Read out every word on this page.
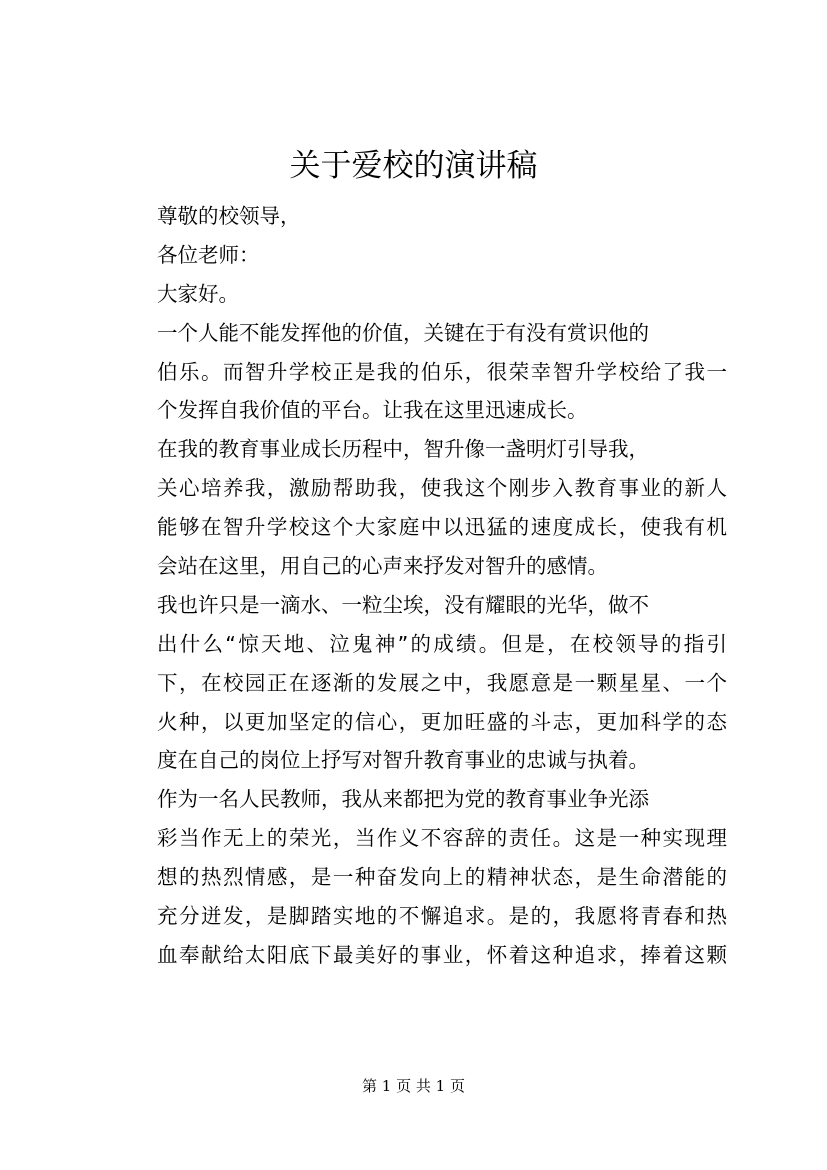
关于爱校的演讲稿
尊敬的校领导，
各位老师：
大家好。
一个人能不能发挥他的价值，关键在于有没有赏识他的
伯乐。而智升学校正是我的伯乐，很荣幸智升学校给了我一
个发挥自我价值的平台。让我在这里迅速成长。
在我的教育事业成长历程中，智升像一盏明灯引导我，
关心培养我，激励帮助我，使我这个刚步入教育事业的新人
能够在智升学校这个大家庭中以迅猛的速度成长，使我有机
会站在这里，用自己的心声来抒发对智升的感情。
我也许只是一滴水、一粒尘埃，没有耀眼的光华，做不
出什么“惊天地、泣鬼神”的成绩。但是，在校领导的指引
下，在校园正在逐渐的发展之中，我愿意是一颗星星、一个
火种，以更加坚定的信心，更加旺盛的斗志，更加科学的态
度在自己的岗位上抒写对智升教育事业的忠诚与执着。
作为一名人民教师，我从来都把为党的教育事业争光添
彩当作无上的荣光，当作义不容辞的责任。这是一种实现理
想的热烈情感，是一种奋发向上的精神状态，是生命潜能的
充分迸发，是脚踏实地的不懈追求。是的，我愿将青春和热
血奉献给太阳底下最美好的事业，怀着这种追求，捧着这颗
第 1 页 共 1 页
